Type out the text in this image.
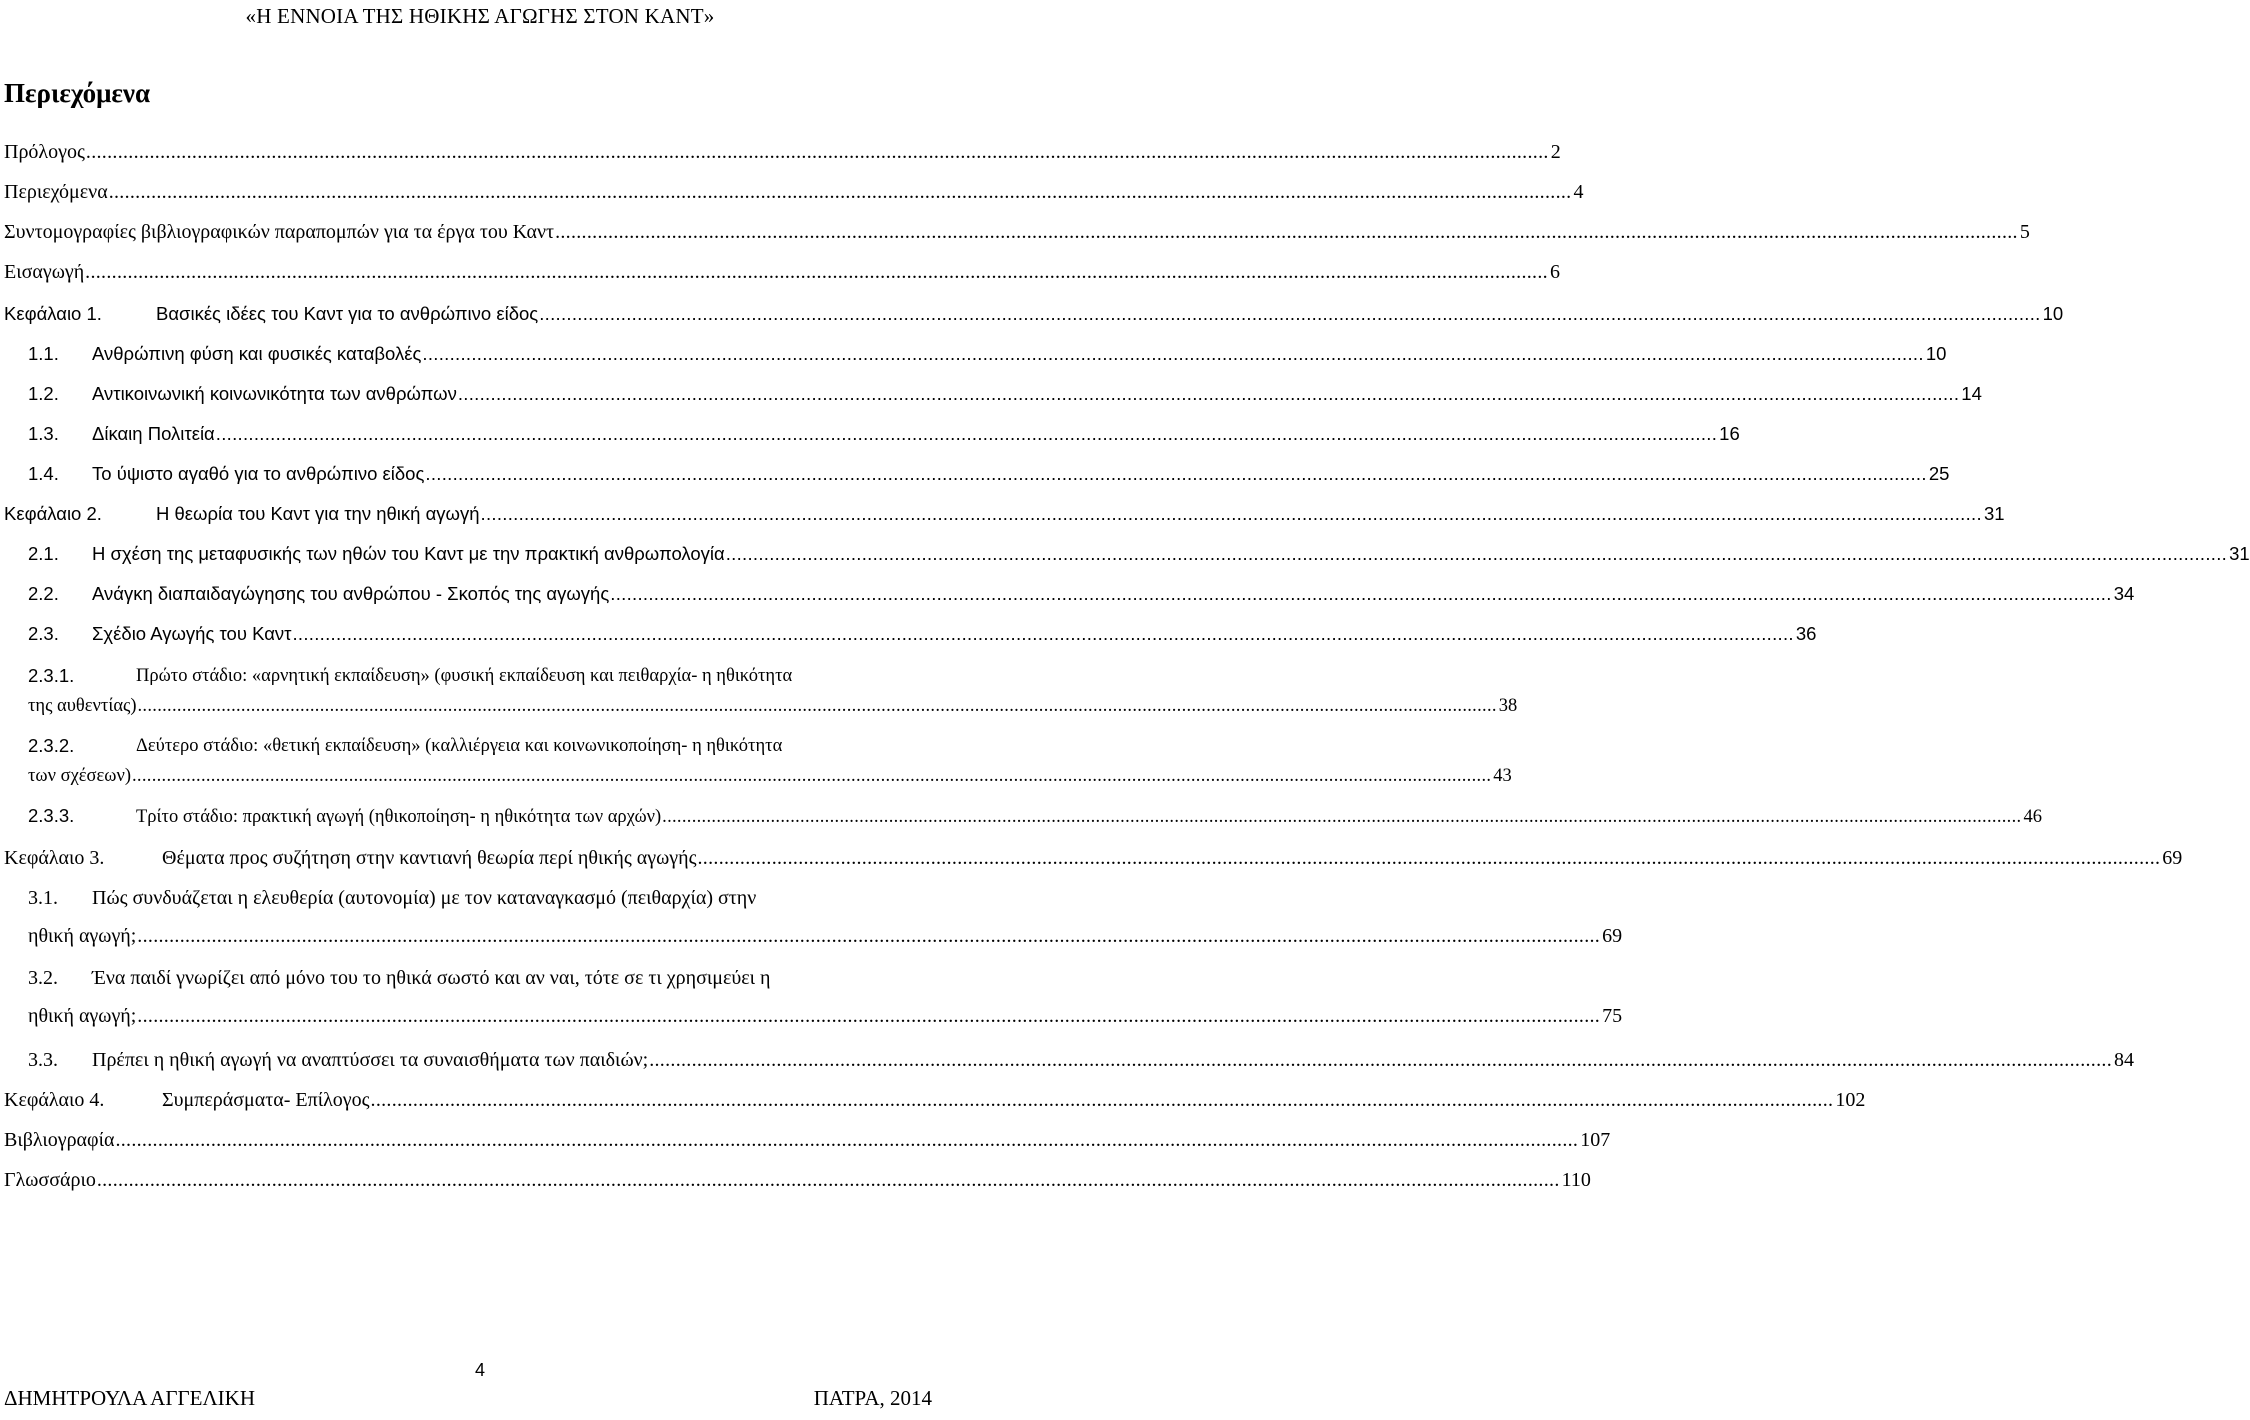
«Η ΕΝΝΟΙΑ ΤΗΣ ΗΘΙΚΗΣ ΑΓΩΓΗΣ ΣΤΟΝ ΚΑΝΤ»
Περιεχόμενα
Πρόλογος .....	2
Περιεχόμενα .....	4
Συντομογραφίες βιβλιογραφικών παραπομπών για τα έργα του Καντ .....	5
Εισαγωγή .....	6
Κεφάλαιο 1.	Βασικές ιδέες του Καντ για το ανθρώπινο είδος .....	10
1.1.	Ανθρώπινη φύση και φυσικές καταβολές .....	10
1.2.	Αντικοινωνική κοινωνικότητα των ανθρώπων .....	14
1.3.	Δίκαιη Πολιτεία .....	16
1.4.	Το ύψιστο αγαθό για το ανθρώπινο είδος .....	25
Κεφάλαιο 2.	Η θεωρία του Καντ για την ηθική αγωγή .....	31
2.1.	Η σχέση της μεταφυσικής των ηθών του Καντ με την πρακτική ανθρωπολογία .....	31
2.2.	Ανάγκη διαπαιδαγώγησης του ανθρώπου - Σκοπός της αγωγής .....	34
2.3.	Σχέδιο Αγωγής του Καντ .....	36
2.3.1.	Πρώτο στάδιο: «αρνητική εκπαίδευση» (φυσική εκπαίδευση και πειθαρχία- η ηθικότητα
της αυθεντίας) .....	38
2.3.2.	Δεύτερο στάδιο: «θετική εκπαίδευση» (καλλιέργεια και κοινωνικοποίηση- η ηθικότητα
των σχέσεων) .....	43
2.3.3.	Τρίτο στάδιο: πρακτική αγωγή (ηθικοποίηση- η ηθικότητα των αρχών) .....	46
Κεφάλαιο 3.	Θέματα προς συζήτηση στην καντιανή θεωρία περί ηθικής αγωγής .....	69
3.1.	Πώς συνδυάζεται η ελευθερία (αυτονομία) με τον καταναγκασμό (πειθαρχία) στην
ηθική αγωγή; .....	69
3.2.	Ένα παιδί γνωρίζει από μόνο του το ηθικά σωστό και αν ναι, τότε σε τι χρησιμεύει η
ηθική αγωγή; .....	75
3.3.	Πρέπει η ηθική αγωγή να αναπτύσσει τα συναισθήματα των παιδιών; .....	84
Κεφάλαιο 4.	Συμπεράσματα- Επίλογος .....	102
Βιβλιογραφία .....	107
Γλωσσάριο .....	110
4
ΔΗΜΗΤΡΟΥΛΑ ΑΓΓΕΛΙΚΗ	ΠΑΤΡΑ, 2014
